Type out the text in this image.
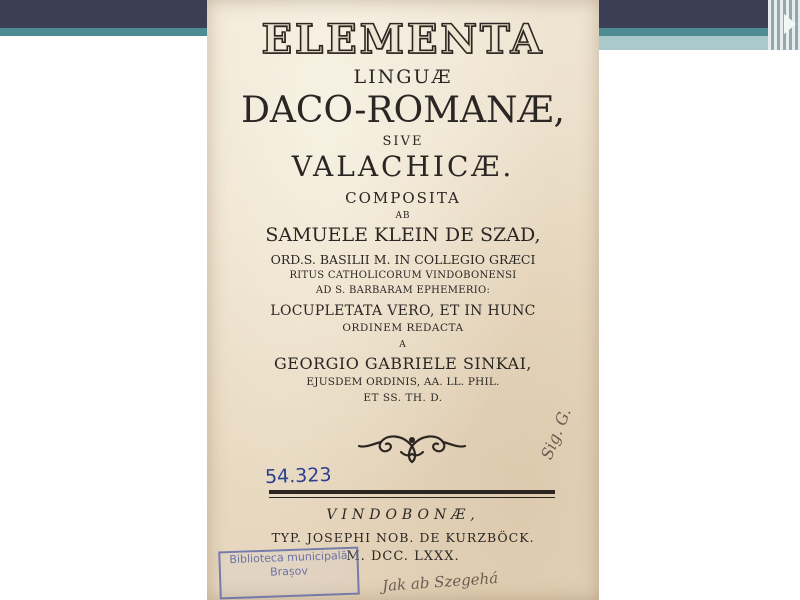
ELEMENTA
LINGUÆ
DACO-ROMANÆ,
SIVE
VALACHICÆ.
COMPOSITA
AB
SAMUELE KLEIN DE SZAD,
ORD.S. BASILII M. IN COLLEGIO GRÆCI
RITUS CATHOLICORUM VINDOBONENSI
AD S. BARBARAM EPHEMERIO:
LOCUPLETATA VERO, ET IN HUNC
ORDINEM REDACTA
A
GEORGIO GABRIELE SINKAI,
EJUSDEM ORDINIS, AA. LL. PHIL.
ET SS. TH. D.
54.323
VINDOBONÆ,
TYP. JOSEPHI NOB. DE KURZBÖCK.
M. DCC. LXXX.
Sig. G.
Jak ab Szegehá
Biblioteca municipală
Brașov
